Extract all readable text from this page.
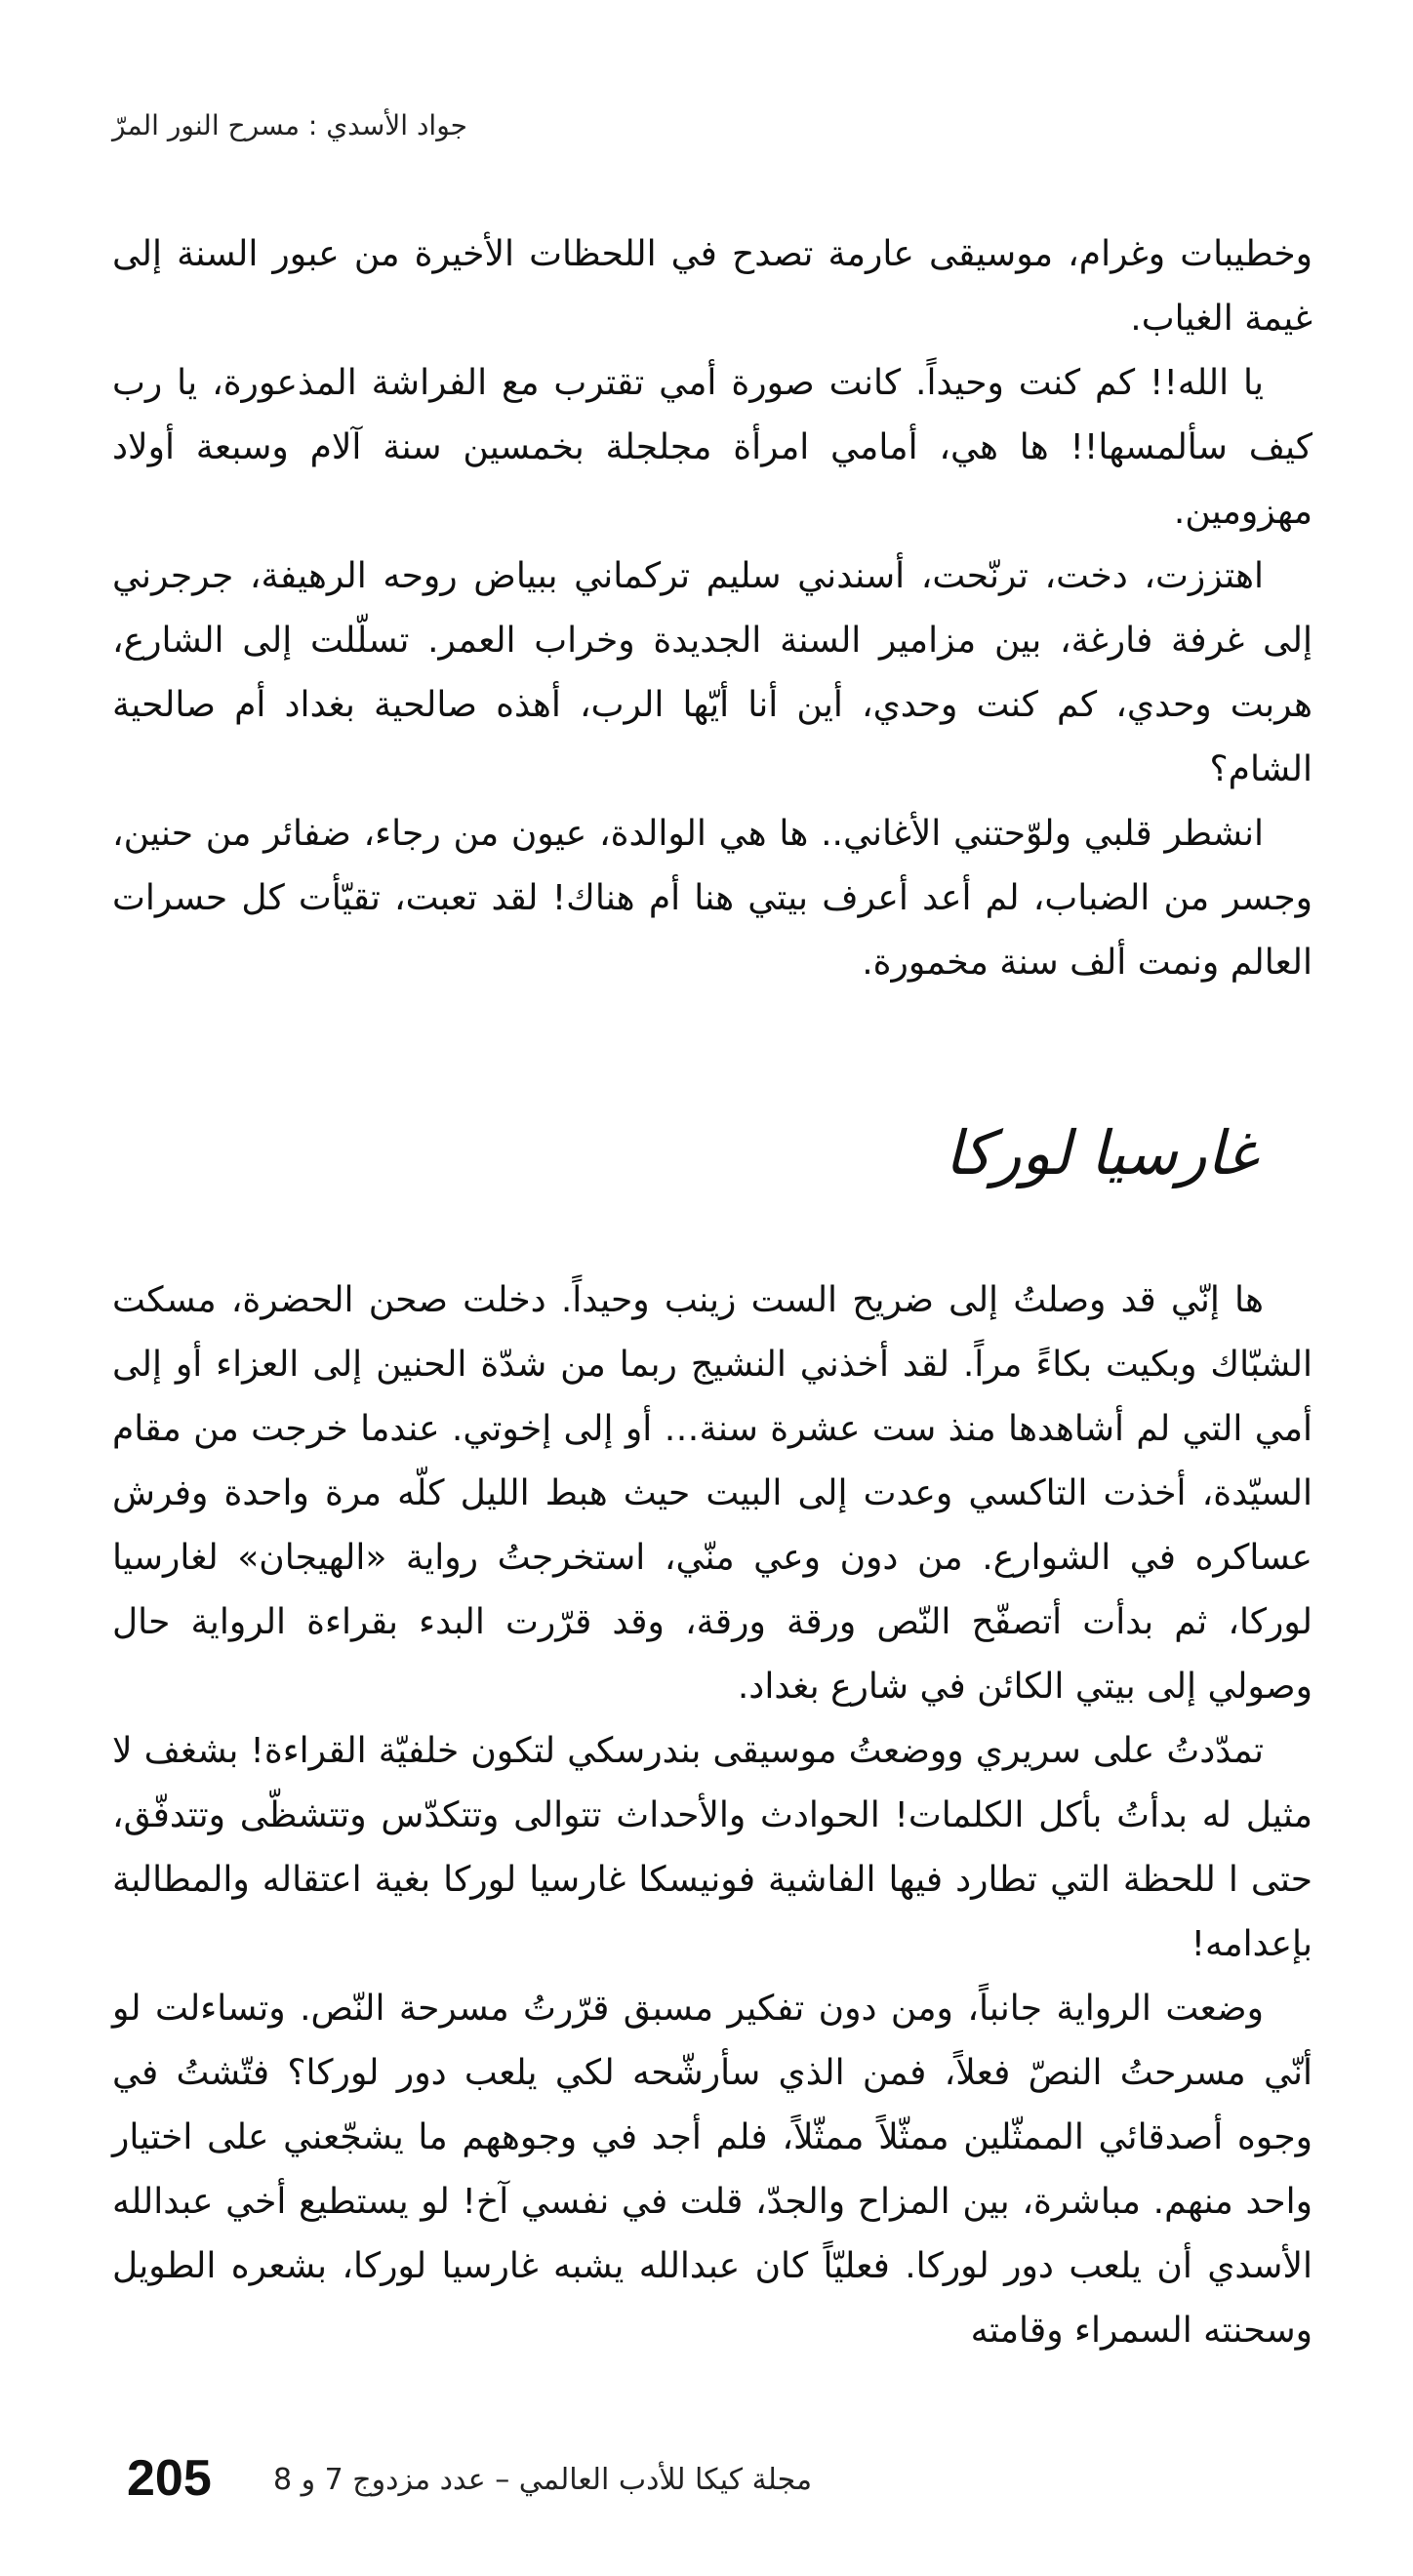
جواد الأسدي : مسرح النور المرّ

وخطيبات وغرام، موسيقى عارمة تصدح في اللحظات الأخيرة من عبور السنة إلى غيمة الغياب.

يا الله!! كم كنت وحيداً. كانت صورة أمي تقترب مع الفراشة المذعورة، يا رب كيف سألمسها!! ها هي، أمامي امرأة مجلجلة بخمسين سنة آلام وسبعة أولاد مهزومين.

اهتززت، دخت، ترنّحت، أسندني سليم تركماني ببياض روحه الرهيفة، جرجرني إلى غرفة فارغة، بين مزامير السنة الجديدة وخراب العمر. تسلّلت إلى الشارع، هربت وحدي، كم كنت وحدي، أين أنا أيّها الرب، أهذه صالحية بغداد أم صالحية الشام؟

انشطر قلبي ولوّحتني الأغاني.. ها هي الوالدة، عيون من رجاء، ضفائر من حنين، وجسر من الضباب، لم أعد أعرف بيتي هنا أم هناك! لقد تعبت، تقيّأت كل حسرات العالم ونمت ألف سنة مخمورة.

غارسيا لوركا

ها إنّي قد وصلتُ إلى ضريح الست زينب وحيداً. دخلت صحن الحضرة، مسكت الشبّاك وبكيت بكاءً مراً. لقد أخذني النشيج ربما من شدّة الحنين إلى العزاء أو إلى أمي التي لم أشاهدها منذ ست عشرة سنة… أو إلى إخوتي. عندما خرجت من مقام السيّدة، أخذت التاكسي وعدت إلى البيت حيث هبط الليل كلّه مرة واحدة وفرش عساكره في الشوارع. من دون وعي منّي، استخرجتُ رواية «الهيجان» لغارسيا لوركا، ثم بدأت أتصفّح النّص ورقة ورقة، وقد قرّرت البدء بقراءة الرواية حال وصولي إلى بيتي الكائن في شارع بغداد.

تمدّدتُ على سريري ووضعتُ موسيقى بندرسكي لتكون خلفيّة القراءة! بشغف لا مثيل له بدأتُ بأكل الكلمات! الحوادث والأحداث تتوالى وتتكدّس وتتشظّى وتتدفّق، حتى ا للحظة التي تطارد فيها الفاشية فونيسكا غارسيا لوركا بغية اعتقاله والمطالبة بإعدامه!

وضعت الرواية جانباً، ومن دون تفكير مسبق قرّرتُ مسرحة النّص. وتساءلت لو أنّي مسرحتُ النصّ فعلاً، فمن الذي سأرشّحه لكي يلعب دور لوركا؟ فتّشتُ في وجوه أصدقائي الممثّلين ممثّلاً ممثّلاً، فلم أجد في وجوههم ما يشجّعني على اختيار واحد منهم. مباشرة، بين المزاح والجدّ، قلت في نفسي آخ! لو يستطيع أخي عبدالله الأسدي أن يلعب دور لوركا. فعليّاً كان عبدالله يشبه غارسيا لوركا، بشعره الطويل وسحنته السمراء وقامته

205 مجلة كيكا للأدب العالمي – عدد مزدوج 7 و 8
